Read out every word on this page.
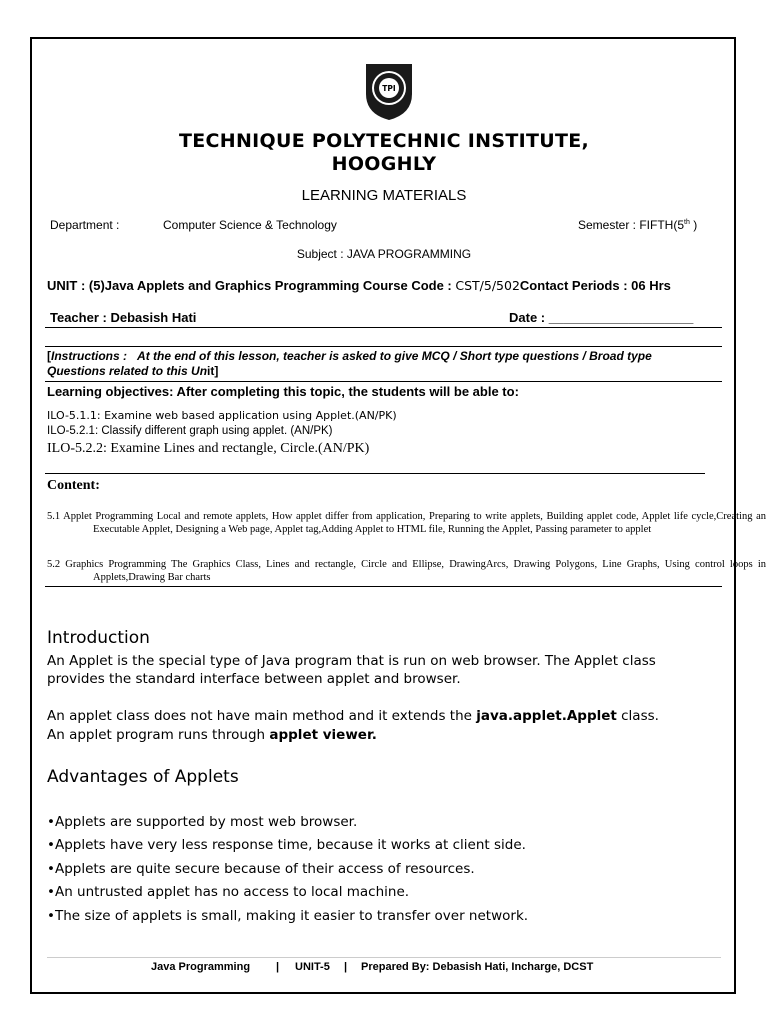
TPI
TECHNIQUE POLYTECHNIC INSTITUTE,
HOOGHLY
LEARNING MATERIALS
Department :	Computer Science & Technology	Semester : FIFTH(5th )
Subject : JAVA PROGRAMMING
UNIT : (5)Java Applets and Graphics Programming Course Code : CST/5/502Contact Periods : 06 Hrs
Teacher : Debasish Hati	Date : ____________________
[Instructions : At the end of this lesson, teacher is asked to give MCQ / Short type questions / Broad type
Questions related to this Unit]
Learning objectives: After completing this topic, the students will be able to:
ILO-5.1.1: Examine web based application using Applet.(AN/PK)
ILO-5.2.1: Classify different graph using applet. (AN/PK)
ILO-5.2.2: Examine Lines and rectangle, Circle.(AN/PK)
Content:
5.1 Applet Programming Local and remote applets, How applet differ from application, Preparing to write applets, Building applet code, Applet life cycle,Creating an Executable Applet, Designing a Web page, Applet tag,Adding Applet to HTML file, Running the Applet, Passing parameter to applet
5.2 Graphics Programming The Graphics Class, Lines and rectangle, Circle and Ellipse, DrawingArcs, Drawing Polygons, Line Graphs, Using control loops in Applets,Drawing Bar charts
Introduction
An Applet is the special type of Java program that is run on web browser. The Applet class
provides the standard interface between applet and browser.
An applet class does not have main method and it extends the java.applet.Applet class.
An applet program runs through applet viewer.
Advantages of Applets
•Applets are supported by most web browser.
•Applets have very less response time, because it works at client side.
•Applets are quite secure because of their access of resources.
•An untrusted applet has no access to local machine.
•The size of applets is small, making it easier to transfer over network.
Java Programming | UNIT-5 | Prepared By: Debasish Hati, Incharge, DCST
